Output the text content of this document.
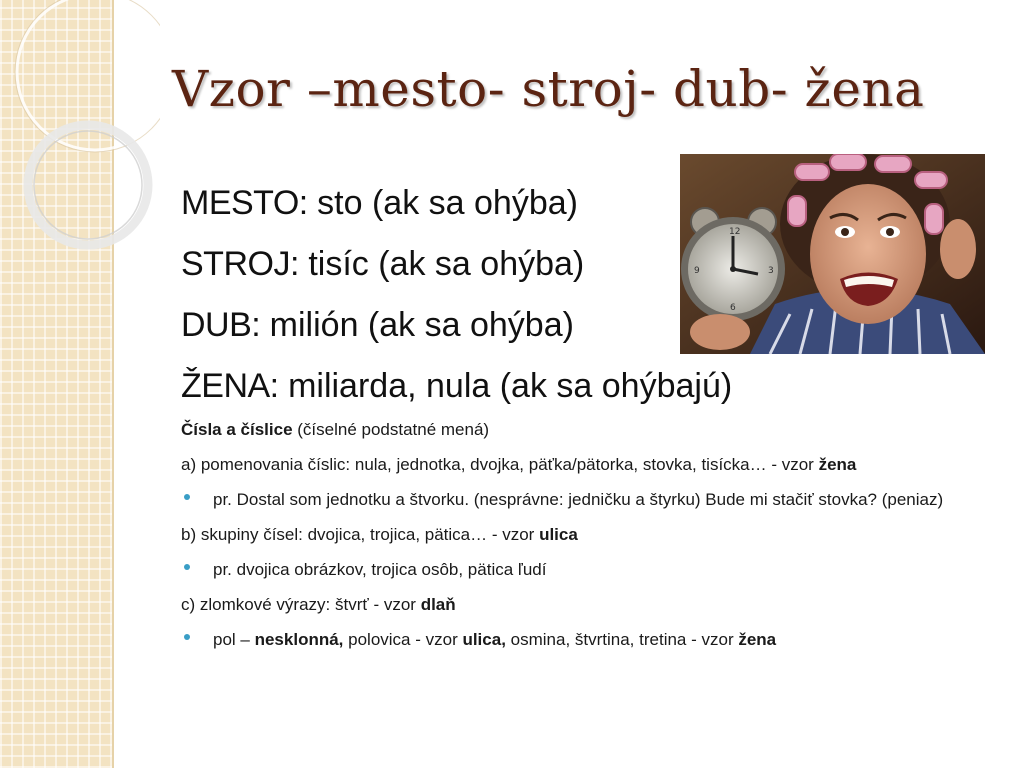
Vzor –mesto- stroj- dub- žena
MESTO: sto (ak sa ohýba)
STROJ: tisíc (ak sa ohýba)
DUB: milión (ak sa ohýba)
ŽENA: miliarda, nula (ak sa ohýbajú)
12
3
6
9

Čísla a číslice (číselné podstatné mená)

a) pomenovania číslic: nula, jednotka, dvojka, päťka/pätorka, stovka, tisícka… - vzor žena

pr. Dostal som jednotku a štvorku. (nesprávne: jedničku a štyrku) Bude mi stačiť stovka? (peniaz)

b) skupiny čísel: dvojica, trojica, pätica… - vzor ulica

pr. dvojica obrázkov, trojica osôb, pätica ľudí

c) zlomkové výrazy: štvrť - vzor dlaň

pol – nesklonná, polovica - vzor ulica, osmina, štvrtina, tretina - vzor žena
